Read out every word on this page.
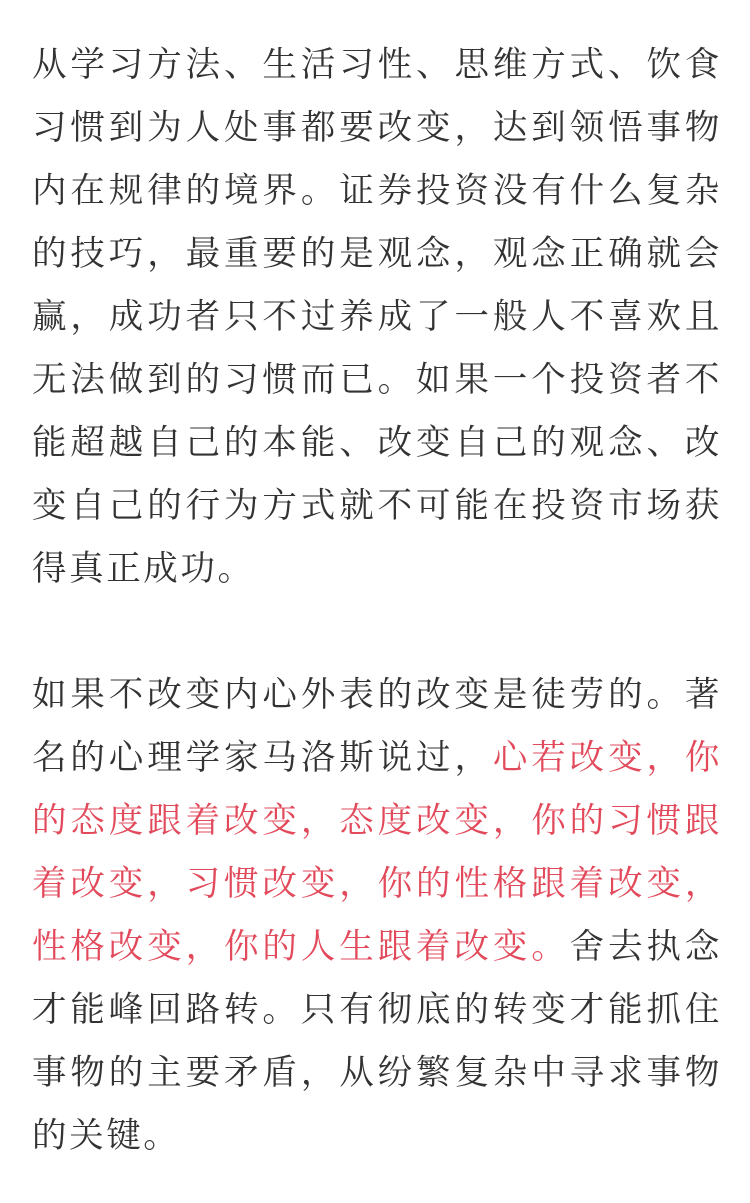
从学习方法、生活习性、思维方式、饮食习惯到为人处事都要改变，达到领悟事物内在规律的境界。证券投资没有什么复杂的技巧，最重要的是观念，观念正确就会赢，成功者只不过养成了一般人不喜欢且无法做到的习惯而已。如果一个投资者不能超越自己的本能、改变自己的观念、改变自己的行为方式就不可能在投资市场获得真正成功。

如果不改变内心外表的改变是徒劳的。著名的心理学家马洛斯说过，心若改变，你的态度跟着改变，态度改变，你的习惯跟着改变，习惯改变，你的性格跟着改变，性格改变，你的人生跟着改变。舍去执念才能峰回路转。只有彻底的转变才能抓住事物的主要矛盾，从纷繁复杂中寻求事物的关键。
